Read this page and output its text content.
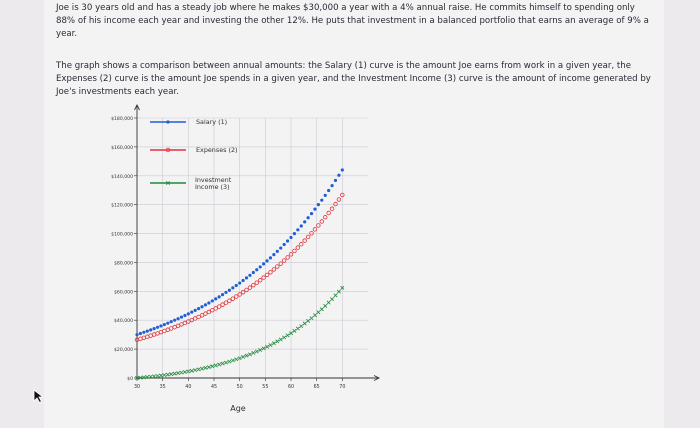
Joe is 30 years old and has a steady job where he makes $30,000 a year with a 4% annual raise. He commits himself to spending only 88% of his income each year and investing the other 12%. He puts that investment in a balanced portfolio that earns an average of 9% a year.

The graph shows a comparison between annual amounts: the Salary (1) curve is the amount Joe earns from work in a given year, the Expenses (2) curve is the amount Joe spends in a given year, and the Investment Income (3) curve is the amount of income generated by Joe's investments each year.

$0
$20,000
$40,000
$60,000
$80,000
$100,000
$120,000
$140,000
$160,000
$180,000
30	35	40	45	50	55	60	65	70
Salary (1)
Expenses (2)
Investment
Income (3)
Age
